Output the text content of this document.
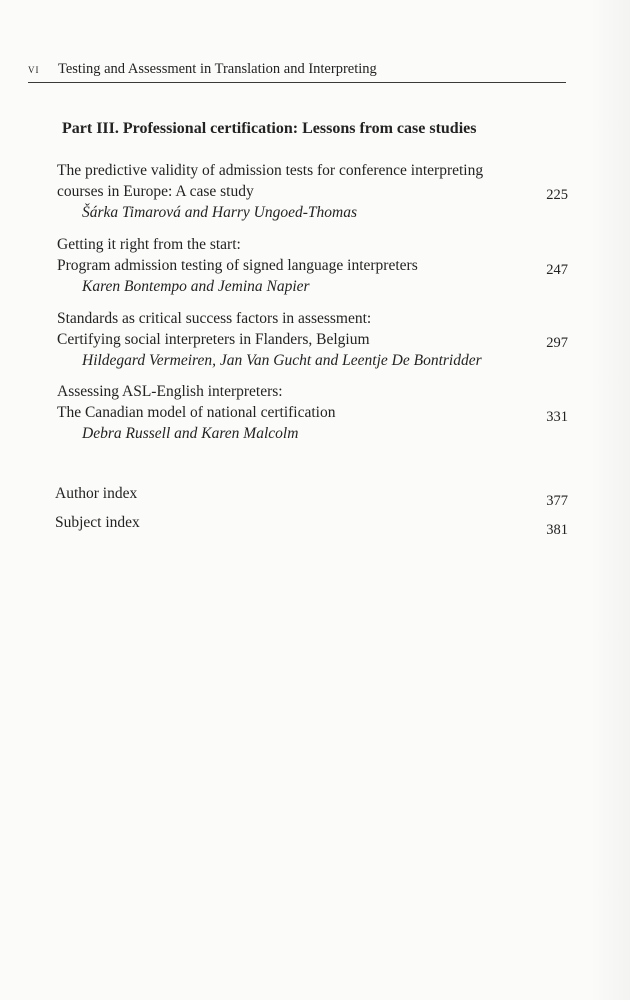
vi Testing and Assessment in Translation and Interpreting
Part III. Professional certification: Lessons from case studies
The predictive validity of admission tests for conference interpreting
courses in Europe: A case study
Šárka Timarová and Harry Ungoed-Thomas
225
Getting it right from the start:
Program admission testing of signed language interpreters
Karen Bontempo and Jemina Napier
247
Standards as critical success factors in assessment:
Certifying social interpreters in Flanders, Belgium
Hildegard Vermeiren, Jan Van Gucht and Leentje De Bontridder
297
Assessing ASL-English interpreters:
The Canadian model of national certification
Debra Russell and Karen Malcolm
331
Author index	377
Subject index	381
